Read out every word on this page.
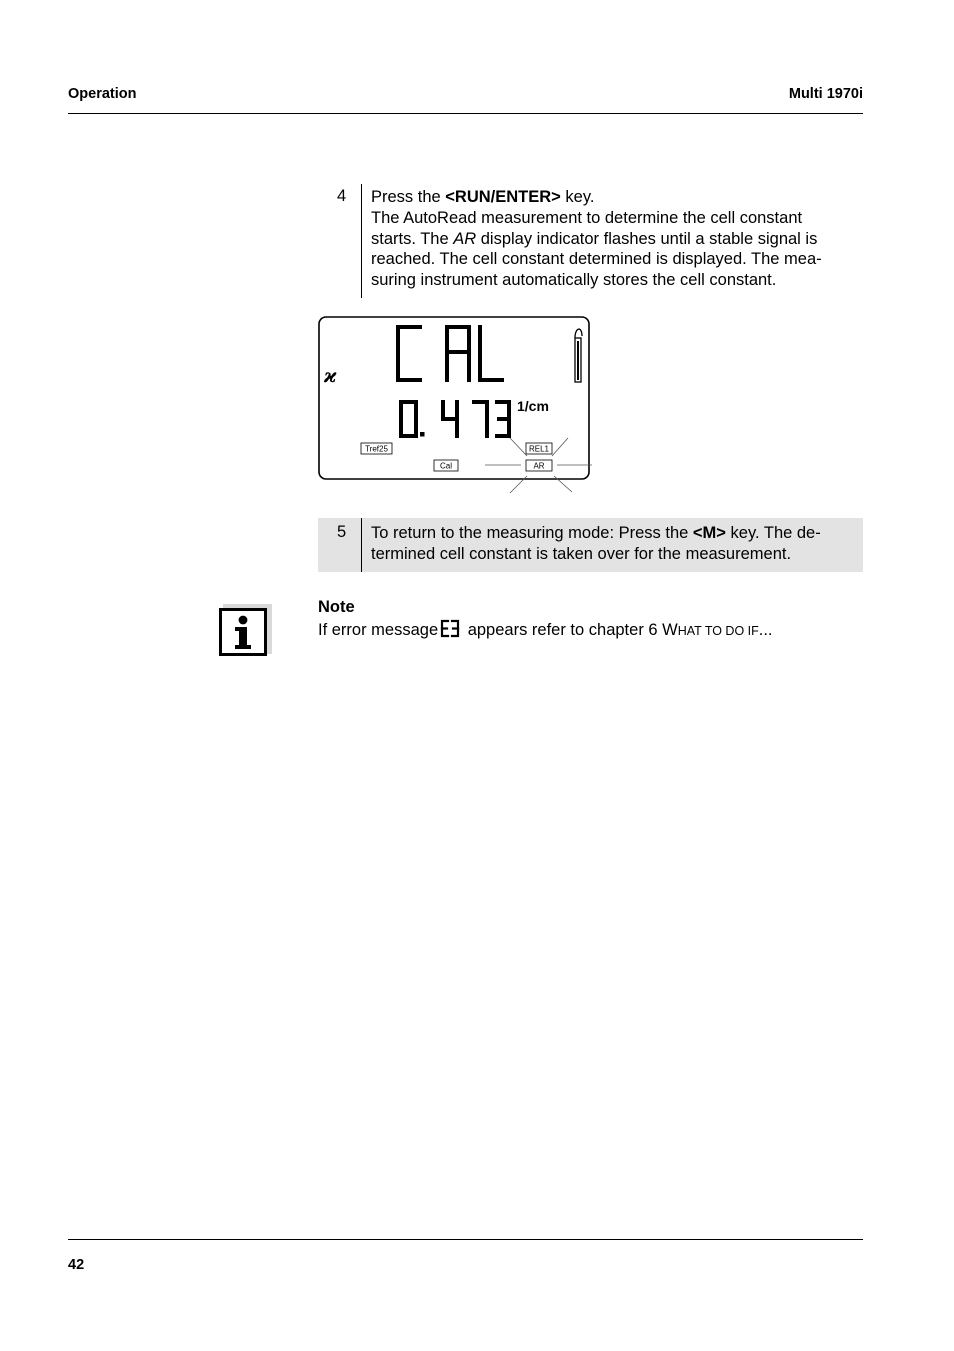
Operation	Multi 1970i
4 Press the <RUN/ENTER> key.

The AutoRead measurement to determine the cell constant

starts. The AR display indicator flashes until a stable signal is

reached. The cell constant determined is displayed. The mea-

suring instrument automatically stores the cell constant.

ϰ
1/cm
Tref25	REL1
Cal	AR
5 To return to the measuring mode: Press the <M> key. The de-

termined cell constant is taken over for the measurement.

Note
If error message appears refer to chapter 6 WHAT TO DO IF...
42
